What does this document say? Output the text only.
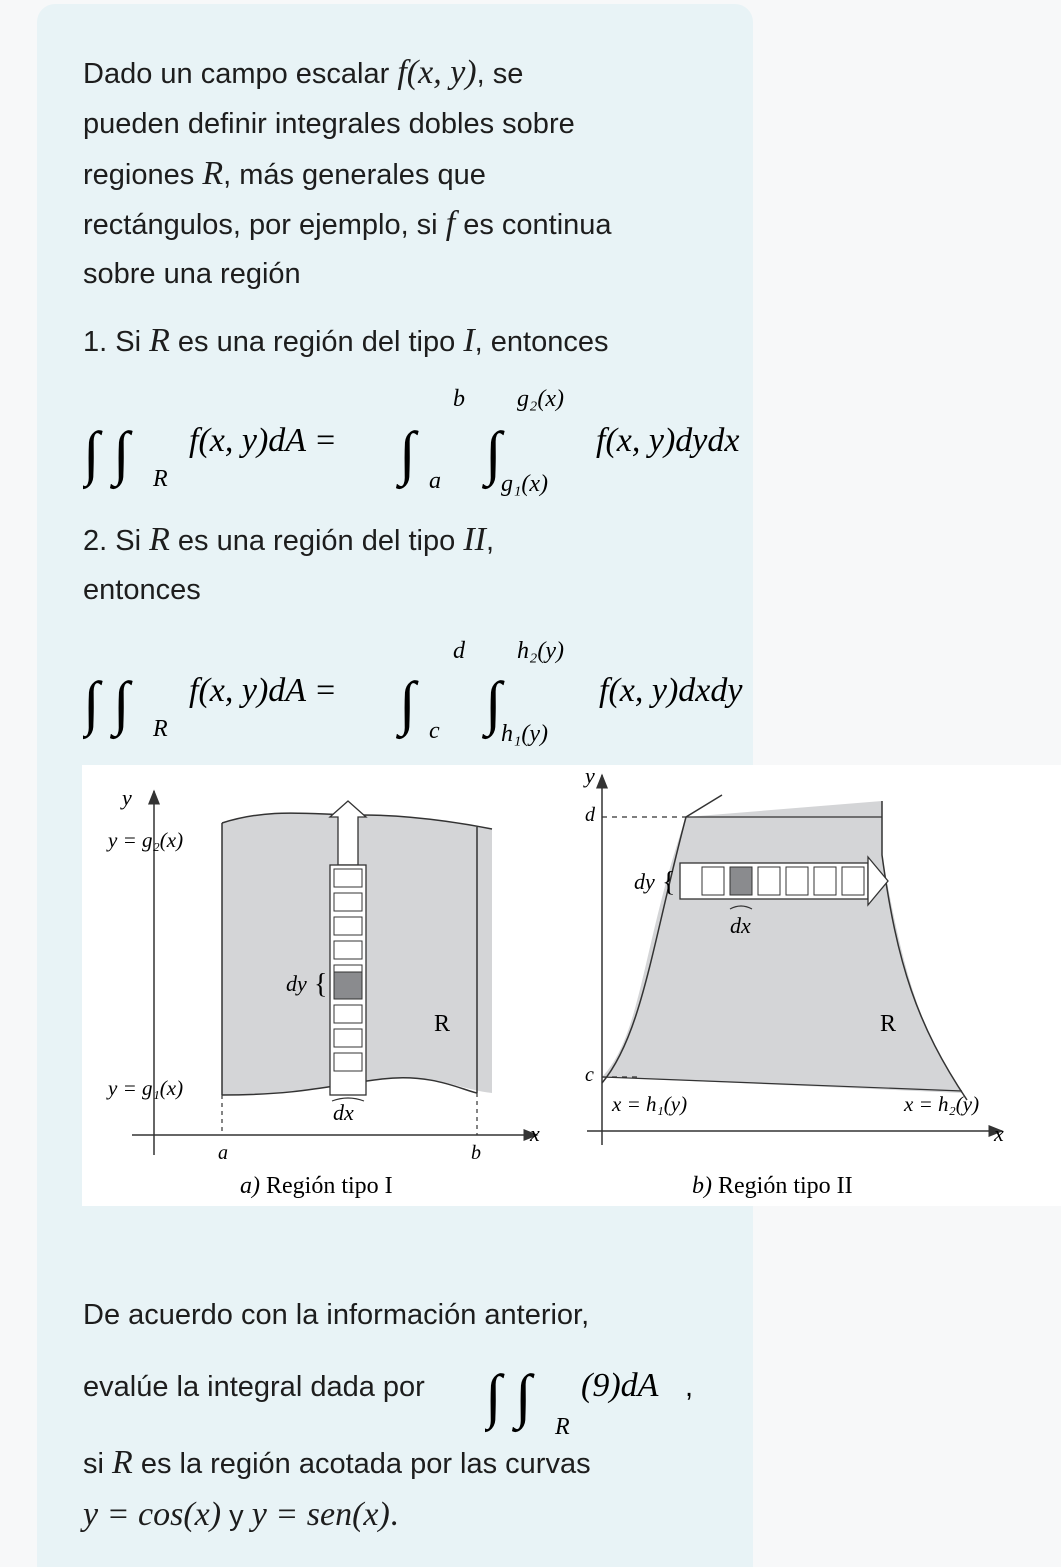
Dado un campo escalar f(x, y), se
pueden definir integrales dobles sobre
regiones R, más generales que
rectángulos, por ejemplo, si f es continua
sobre una región
1. Si R es una región del tipo I, entonces
∫ ∫ R
f(x, y)dA = ∫
b
a ∫
g₂(x)
g₁(x)
f(x, y)dydx
2. Si R es una región del tipo II,
entonces
∫ ∫ R
f(x, y)dA = ∫
d
c ∫
h₂(y)
h₁(y)
f(x, y)dxdy
y
y = g₂(x)
y = g₁(x)
dy {
dx
R
a	b
x
a) Región tipo I
y
d
c
dy {
dx
R
x = h₁(y)	x = h₂(y)
x
b) Región tipo II
De acuerdo con la información anterior,
evalúe la integral dada por ∫ ∫ R
(9)dA ,
si R es la región acotada por las curvas
y = cos(x) y y = sen(x).
